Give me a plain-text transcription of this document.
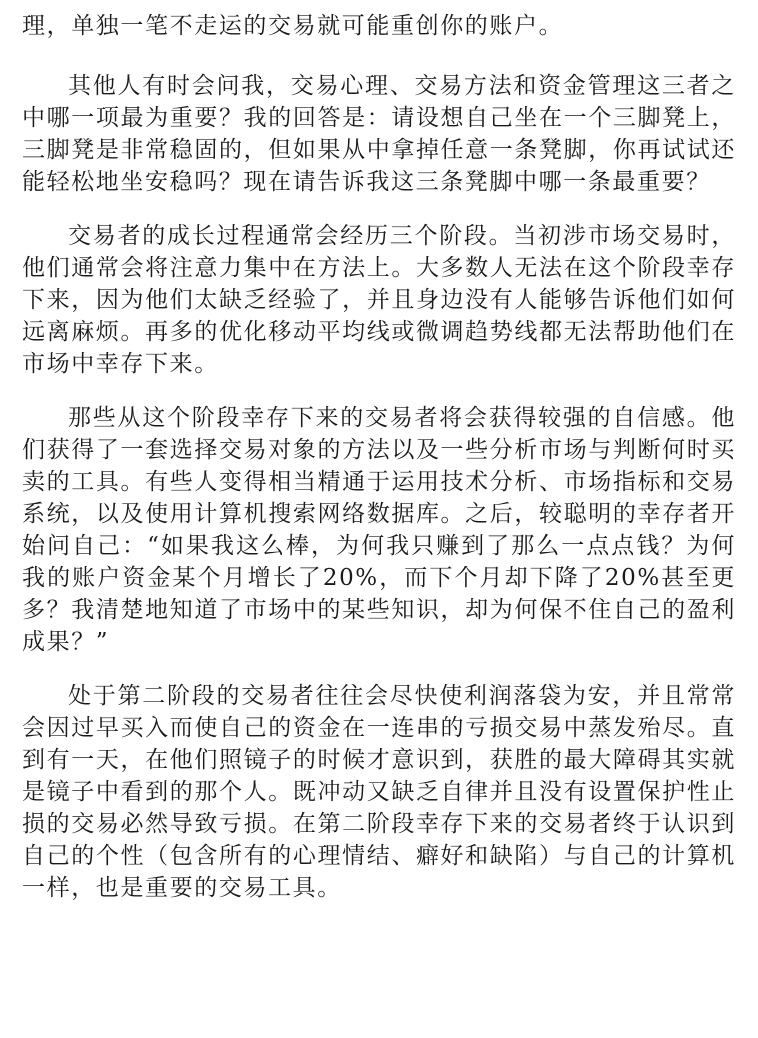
理，单独一笔不走运的交易就可能重创你的账户。

其他人有时会问我，交易心理、交易方法和资金管理这三者之中哪一项最为重要？我的回答是：请设想自己坐在一个三脚凳上，三脚凳是非常稳固的，但如果从中拿掉任意一条凳脚，你再试试还能轻松地坐安稳吗？现在请告诉我这三条凳脚中哪一条最重要？

交易者的成长过程通常会经历三个阶段。当初涉市场交易时，他们通常会将注意力集中在方法上。大多数人无法在这个阶段幸存下来，因为他们太缺乏经验了，并且身边没有人能够告诉他们如何远离麻烦。再多的优化移动平均线或微调趋势线都无法帮助他们在市场中幸存下来。

那些从这个阶段幸存下来的交易者将会获得较强的自信感。他们获得了一套选择交易对象的方法以及一些分析市场与判断何时买卖的工具。有些人变得相当精通于运用技术分析、市场指标和交易系统，以及使用计算机搜索网络数据库。之后，较聪明的幸存者开始问自己：“如果我这么棒，为何我只赚到了那么一点点钱？为何我的账户资金某个月增长了20%，而下个月却下降了20%甚至更多？我清楚地知道了市场中的某些知识，却为何保不住自己的盈利成果？”

处于第二阶段的交易者往往会尽快使利润落袋为安，并且常常会因过早买入而使自己的资金在一连串的亏损交易中蒸发殆尽。直到有一天，在他们照镜子的时候才意识到，获胜的最大障碍其实就是镜子中看到的那个人。既冲动又缺乏自律并且没有设置保护性止损的交易必然导致亏损。在第二阶段幸存下来的交易者终于认识到自己的个性（包含所有的心理情结、癖好和缺陷）与自己的计算机一样，也是重要的交易工具。
